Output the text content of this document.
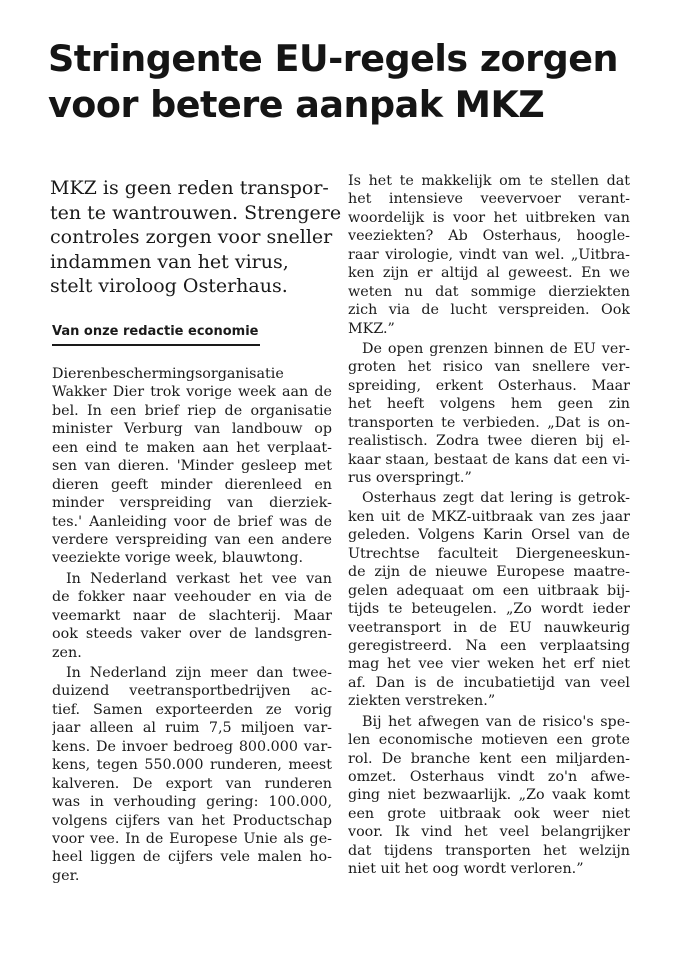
Stringente EU-regels zorgen
voor betere aanpak MKZ
MKZ is geen reden transpor-
ten te wantrouwen. Strengere
controles zorgen voor sneller
indammen van het virus,
stelt viroloog Osterhaus.
Van onze redactie economie
Dierenbeschermingsorganisatie
Wakker Dier trok vorige week aan de
bel. In een brief riep de organisatie
minister Verburg van landbouw op
een eind te maken aan het verplaat-
sen van dieren. 'Minder gesleep met
dieren geeft minder dierenleed en
minder verspreiding van dierziek-
tes.' Aanleiding voor de brief was de
verdere verspreiding van een andere
veeziekte vorige week, blauwtong.
In Nederland verkast het vee van
de fokker naar veehouder en via de
veemarkt naar de slachterij. Maar
ook steeds vaker over de landsgren-
zen.
In Nederland zijn meer dan twee-
duizend veetransportbedrijven ac-
tief. Samen exporteerden ze vorig
jaar alleen al ruim 7,5 miljoen var-
kens. De invoer bedroeg 800.000 var-
kens, tegen 550.000 runderen, meest
kalveren. De export van runderen
was in verhouding gering: 100.000,
volgens cijfers van het Productschap
voor vee. In de Europese Unie als ge-
heel liggen de cijfers vele malen ho-
ger.
Is het te makkelijk om te stellen dat
het intensieve veevervoer verant-
woordelijk is voor het uitbreken van
veeziekten? Ab Osterhaus, hoogle-
raar virologie, vindt van wel. „Uitbra-
ken zijn er altijd al geweest. En we
weten nu dat sommige dierziekten
zich via de lucht verspreiden. Ook
MKZ.”
De open grenzen binnen de EU ver-
groten het risico van snellere ver-
spreiding, erkent Osterhaus. Maar
het heeft volgens hem geen zin
transporten te verbieden. „Dat is on-
realistisch. Zodra twee dieren bij el-
kaar staan, bestaat de kans dat een vi-
rus overspringt.”
Osterhaus zegt dat lering is getrok-
ken uit de MKZ-uitbraak van zes jaar
geleden. Volgens Karin Orsel van de
Utrechtse faculteit Diergeneeskun-
de zijn de nieuwe Europese maatre-
gelen adequaat om een uitbraak bij-
tijds te beteugelen. „Zo wordt ieder
veetransport in de EU nauwkeurig
geregistreerd. Na een verplaatsing
mag het vee vier weken het erf niet
af. Dan is de incubatietijd van veel
ziekten verstreken.”
Bij het afwegen van de risico's spe-
len economische motieven een grote
rol. De branche kent een miljarden-
omzet. Osterhaus vindt zo'n afwe-
ging niet bezwaarlijk. „Zo vaak komt
een grote uitbraak ook weer niet
voor. Ik vind het veel belangrijker
dat tijdens transporten het welzijn
niet uit het oog wordt verloren.”
